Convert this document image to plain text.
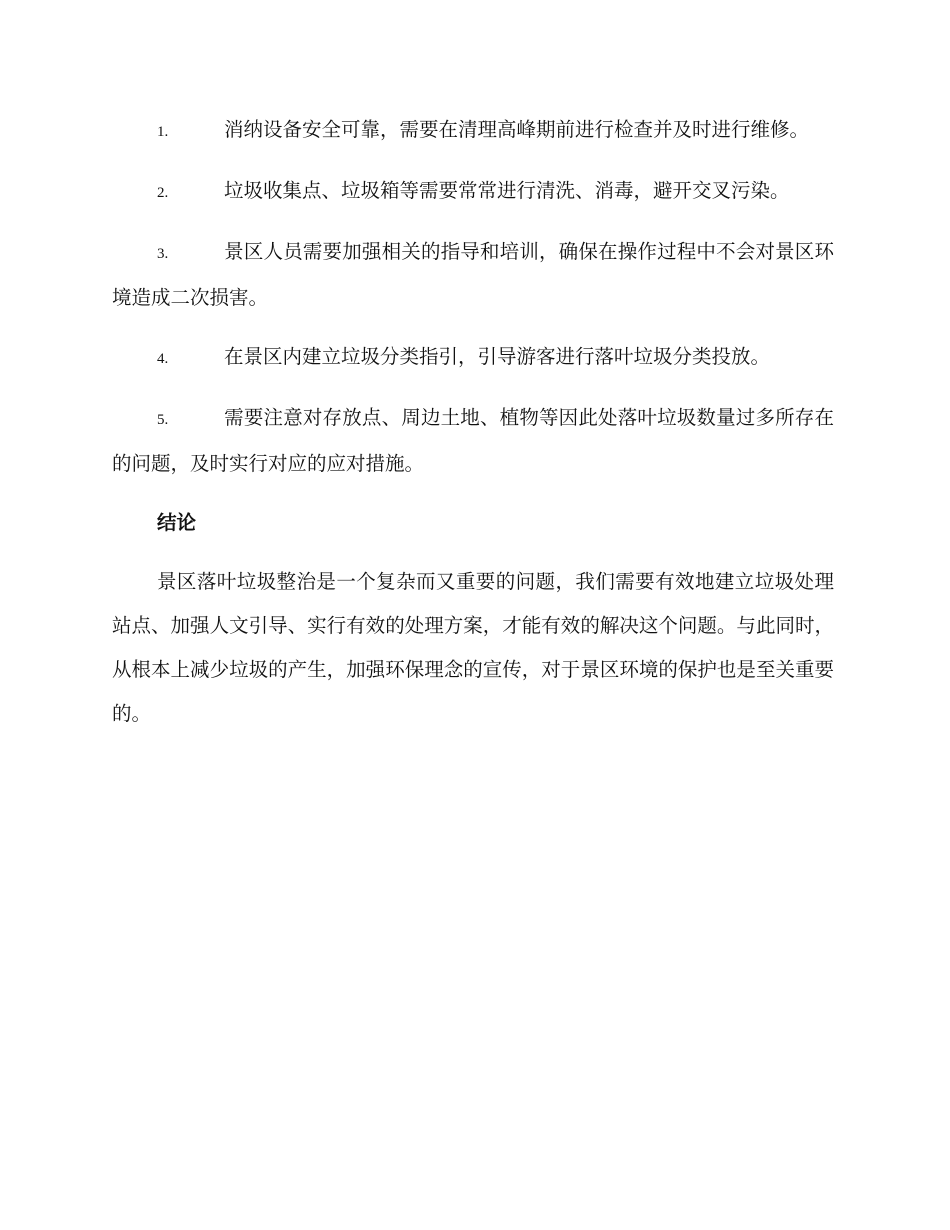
1.	消纳设备安全可靠，需要在清理高峰期前进行检查并及时进行维修。
2.	垃圾收集点、垃圾箱等需要常常进行清洗、消毒，避开交叉污染。
3.	景区人员需要加强相关的指导和培训，确保在操作过程中不会对景区环境造成二次损害。
4.	在景区内建立垃圾分类指引，引导游客进行落叶垃圾分类投放。
5.	需要注意对存放点、周边土地、植物等因此处落叶垃圾数量过多所存在的问题，及时实行对应的应对措施。
结论

景区落叶垃圾整治是一个复杂而又重要的问题，我们需要有效地建立垃圾处理站点、加强人文引导、实行有效的处理方案，才能有效的解决这个问题。与此同时，从根本上减少垃圾的产生，加强环保理念的宣传，对于景区环境的保护也是至关重要的。
